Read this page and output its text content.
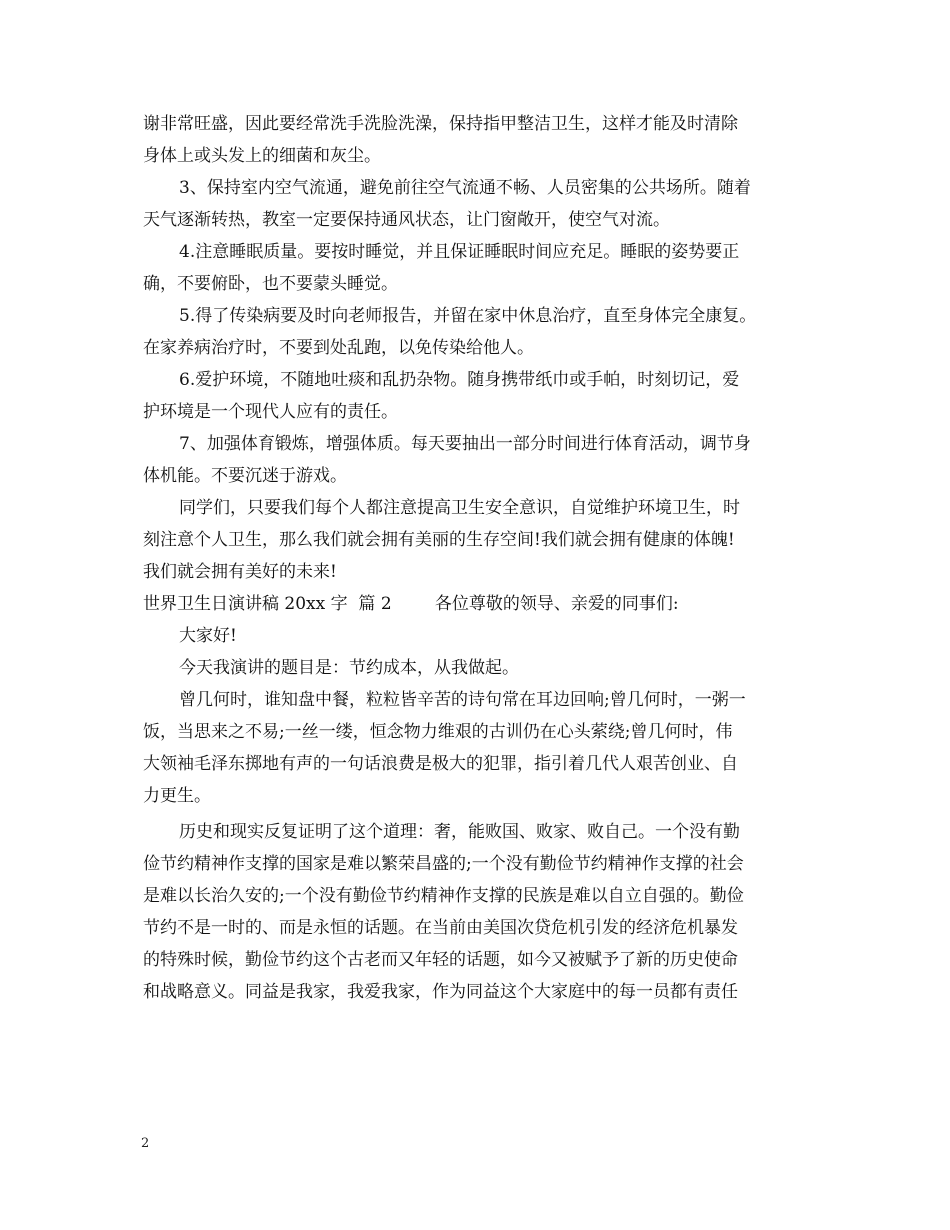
谢非常旺盛，因此要经常洗手洗脸洗澡，保持指甲整洁卫生，这样才能及时清除
身体上或头发上的细菌和灰尘。
3、保持室内空气流通，避免前往空气流通不畅、人员密集的公共场所。随着
天气逐渐转热，教室一定要保持通风状态，让门窗敞开，使空气对流。
4.注意睡眠质量。要按时睡觉，并且保证睡眠时间应充足。睡眠的姿势要正
确，不要俯卧，也不要蒙头睡觉。
5.得了传染病要及时向老师报告，并留在家中休息治疗，直至身体完全康复。
在家养病治疗时，不要到处乱跑，以免传染给他人。
6.爱护环境，不随地吐痰和乱扔杂物。随身携带纸巾或手帕，时刻切记，爱
护环境是一个现代人应有的责任。
7、加强体育锻炼，增强体质。每天要抽出一部分时间进行体育活动，调节身
体机能。不要沉迷于游戏。
同学们，只要我们每个人都注意提高卫生安全意识，自觉维护环境卫生，时
刻注意个人卫生，那么我们就会拥有美丽的生存空间!我们就会拥有健康的体魄!
我们就会拥有美好的未来!
世界卫生日演讲稿 20xx 字  篇 2        各位尊敬的领导、亲爱的同事们:
大家好!
今天我演讲的题目是：节约成本，从我做起。
曾几何时，谁知盘中餐，粒粒皆辛苦的诗句常在耳边回响;曾几何时，一粥一
饭，当思来之不易;一丝一缕，恒念物力维艰的古训仍在心头萦绕;曾几何时，伟
大领袖毛泽东掷地有声的一句话浪费是极大的犯罪，指引着几代人艰苦创业、自
力更生。
历史和现实反复证明了这个道理：奢，能败国、败家、败自己。一个没有勤
俭节约精神作支撑的国家是难以繁荣昌盛的;一个没有勤俭节约精神作支撑的社会
是难以长治久安的;一个没有勤俭节约精神作支撑的民族是难以自立自强的。勤俭
节约不是一时的、而是永恒的话题。在当前由美国次贷危机引发的经济危机暴发
的特殊时候，勤俭节约这个古老而又年轻的话题，如今又被赋予了新的历史使命
和战略意义。同益是我家，我爱我家，作为同益这个大家庭中的每一员都有责任
2
